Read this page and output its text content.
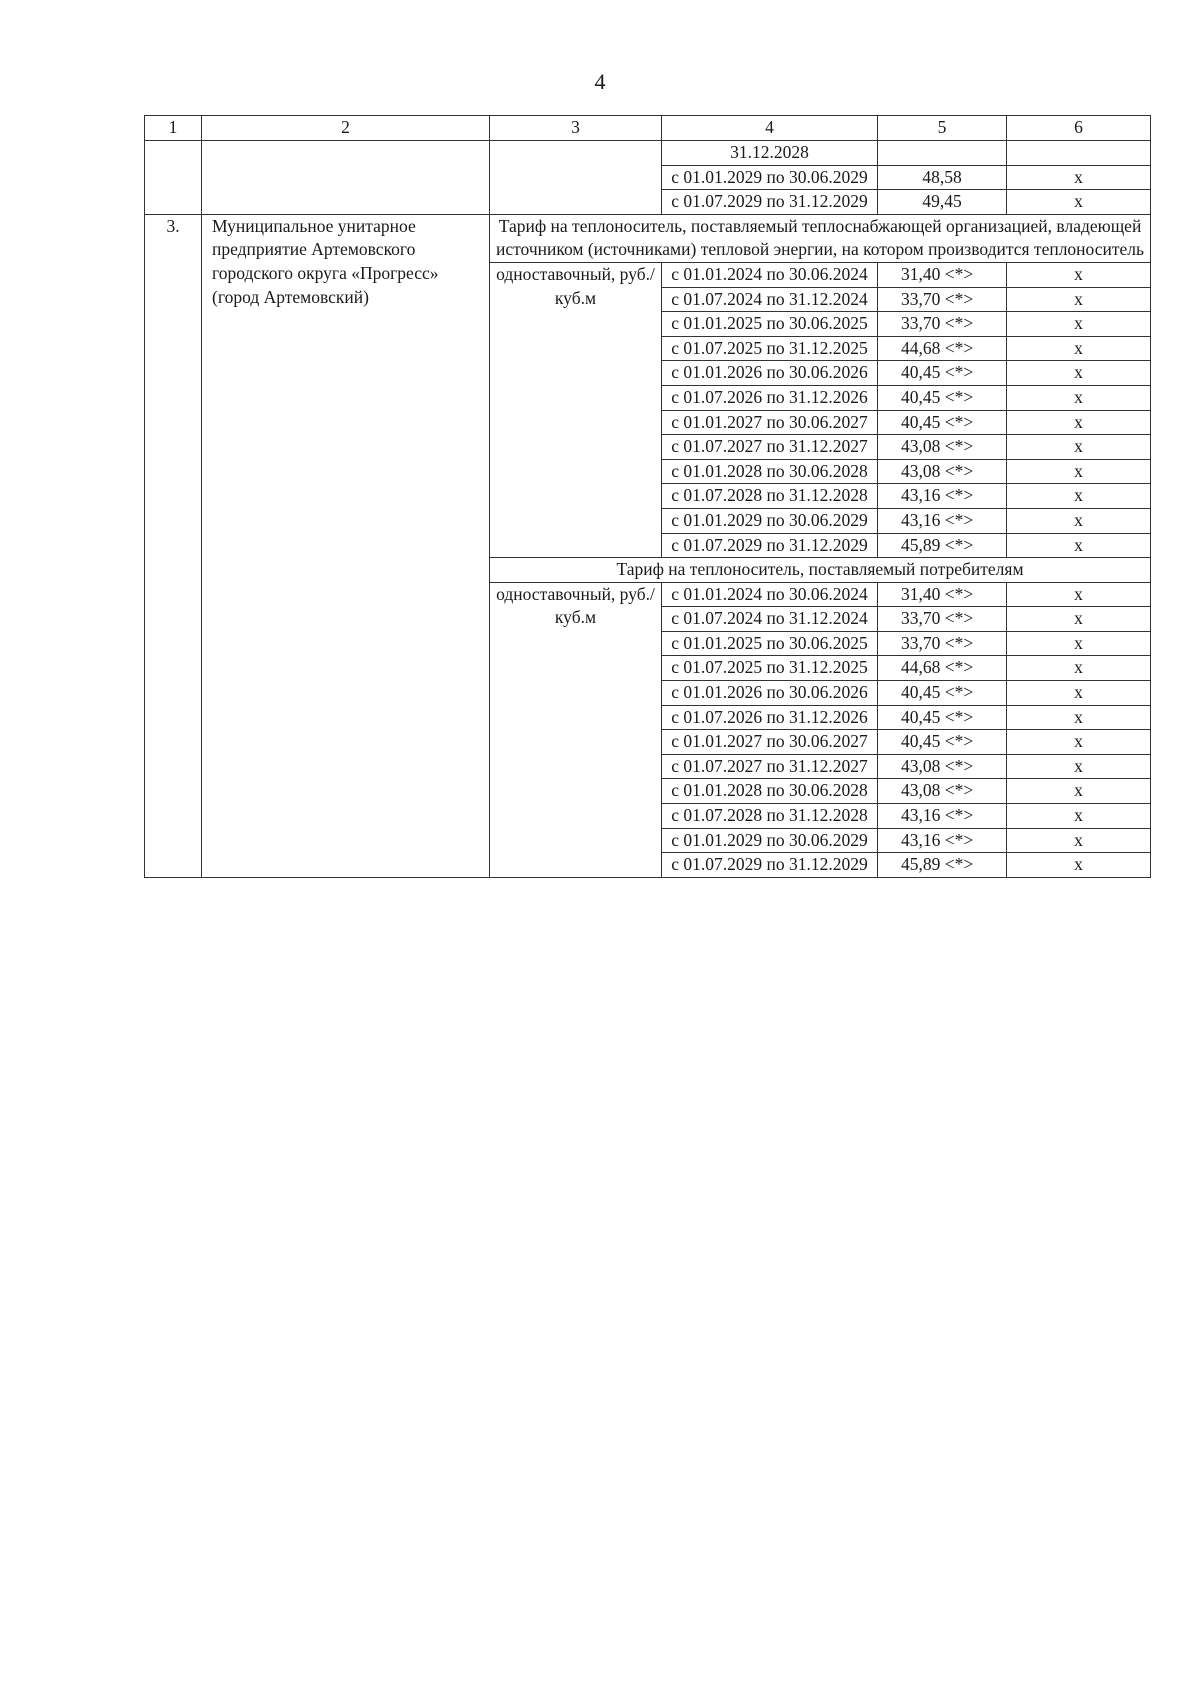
4
1	2	3	4	5	6
			31.12.2028		
			с 01.01.2029 по 30.06.2029	48,58	х
			с 01.07.2029 по 31.12.2029	49,45	х
3.	Муниципальное унитарное предприятие Артемовского городского округа «Прогресс» (город Артемовский)	Тариф на теплоноситель, поставляемый теплоснабжающей организацией, владеющей источником (источниками) тепловой энергии, на котором производится теплоноситель			
		одноставочный, руб./куб.м	с 01.01.2024 по 30.06.2024	31,40 <*>	х
			с 01.07.2024 по 31.12.2024	33,70 <*>	х
			с 01.01.2025 по 30.06.2025	33,70 <*>	х
			с 01.07.2025 по 31.12.2025	44,68 <*>	х
			с 01.01.2026 по 30.06.2026	40,45 <*>	х
			с 01.07.2026 по 31.12.2026	40,45 <*>	х
			с 01.01.2027 по 30.06.2027	40,45 <*>	х
			с 01.07.2027 по 31.12.2027	43,08 <*>	х
			с 01.01.2028 по 30.06.2028	43,08 <*>	х
			с 01.07.2028 по 31.12.2028	43,16 <*>	х
			с 01.01.2029 по 30.06.2029	43,16 <*>	х
			с 01.07.2029 по 31.12.2029	45,89 <*>	х
		Тариф на теплоноситель, поставляемый потребителям			
		одноставочный, руб./куб.м	с 01.01.2024 по 30.06.2024	31,40 <*>	х
			с 01.07.2024 по 31.12.2024	33,70 <*>	х
			с 01.01.2025 по 30.06.2025	33,70 <*>	х
			с 01.07.2025 по 31.12.2025	44,68 <*>	х
			с 01.01.2026 по 30.06.2026	40,45 <*>	х
			с 01.07.2026 по 31.12.2026	40,45 <*>	х
			с 01.01.2027 по 30.06.2027	40,45 <*>	х
			с 01.07.2027 по 31.12.2027	43,08 <*>	х
			с 01.01.2028 по 30.06.2028	43,08 <*>	х
			с 01.07.2028 по 31.12.2028	43,16 <*>	х
			с 01.01.2029 по 30.06.2029	43,16 <*>	х
			с 01.07.2029 по 31.12.2029	45,89 <*>	х
